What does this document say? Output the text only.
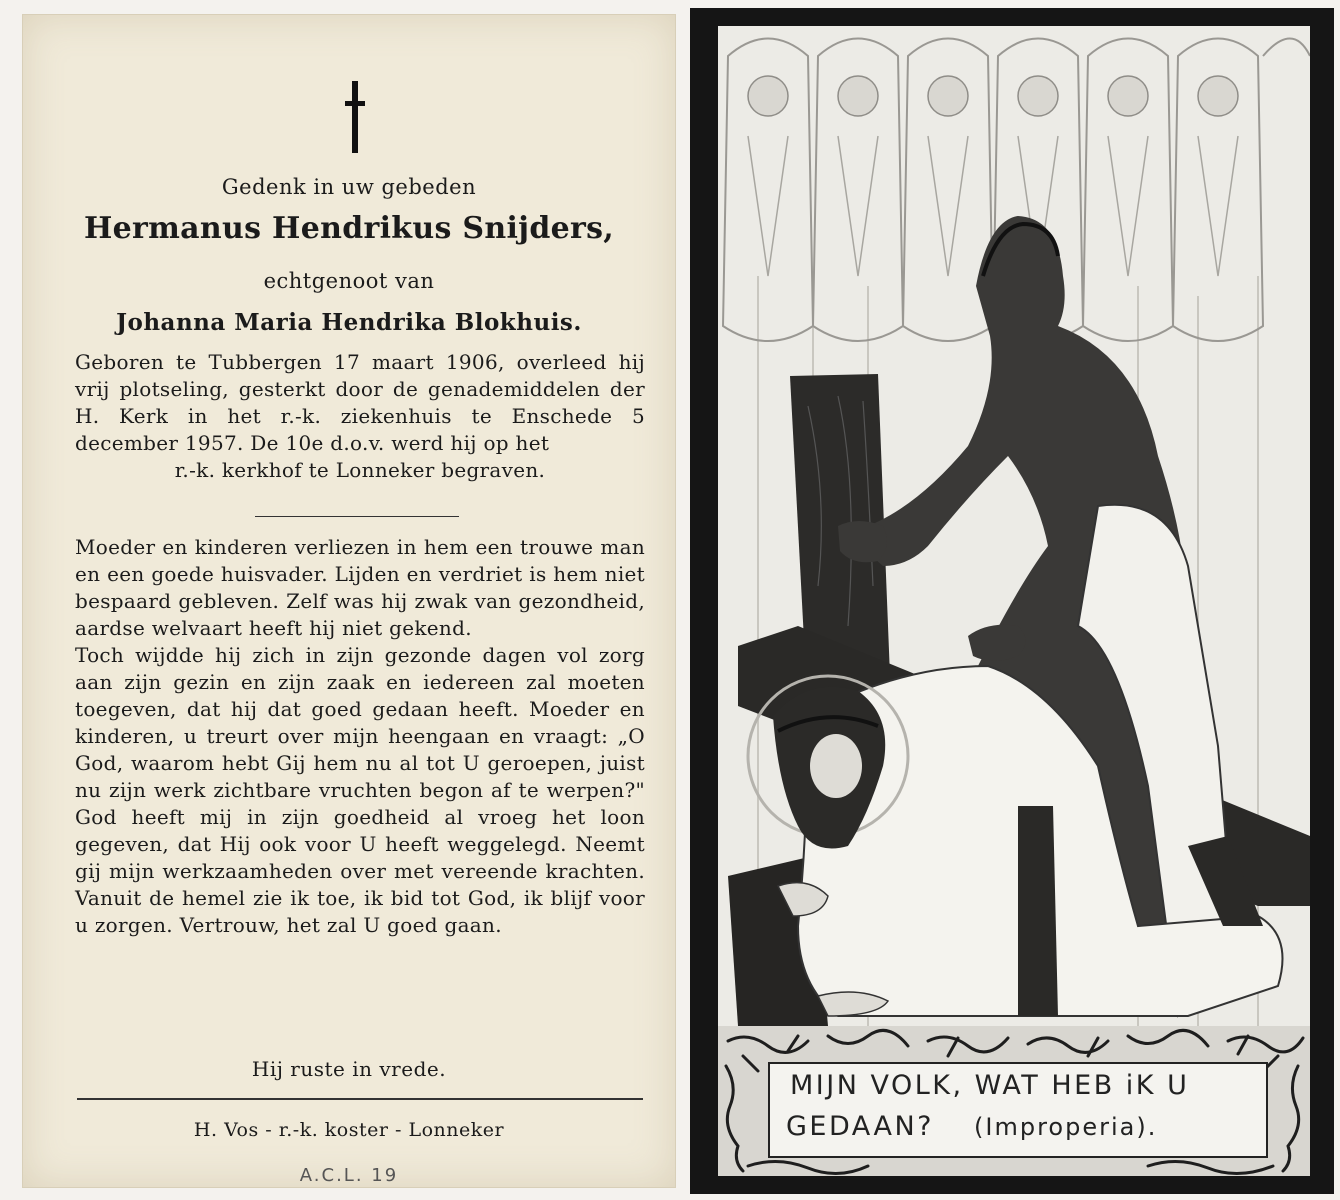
Gedenk in uw gebeden
Hermanus Hendrikus Snijders,
echtgenoot van
Johanna Maria Hendrika Blokhuis.
Geboren te Tubbergen 17 maart 1906, overleed hij vrij plotseling, gesterkt door de genademiddelen der H. Kerk in het r.-k. ziekenhuis te Enschede 5 december 1957. De 10e d.o.v. werd hij op het
r.-k. kerkhof te Lonneker begraven.

Moeder en kinderen verliezen in hem een trouwe man en een goede huisvader. Lijden en verdriet is hem niet bespaard gebleven. Zelf was hij zwak van gezondheid, aardse welvaart heeft hij niet gekend.

Toch wijdde hij zich in zijn gezonde dagen vol zorg aan zijn gezin en zijn zaak en iedereen zal moeten toegeven, dat hij dat goed gedaan heeft. Moeder en kinderen, u treurt over mijn heengaan en vraagt: „O God, waarom hebt Gij hem nu al tot U geroepen, juist nu zijn werk zichtbare vruchten begon af te werpen?" God heeft mij in zijn goedheid al vroeg het loon gegeven, dat Hij ook voor U heeft weggelegd. Neemt gij mijn werkzaamheden over met vereende krachten. Vanuit de hemel zie ik toe, ik bid tot God, ik blijf voor u zorgen. Vertrouw, het zal U goed gaan.

Hij ruste in vrede.
H. Vos - r.-k. koster - Lonneker
A.C.L. 19
MIJN VOLK, WAT HEB iK U
GEDAAN? (Improperia).
